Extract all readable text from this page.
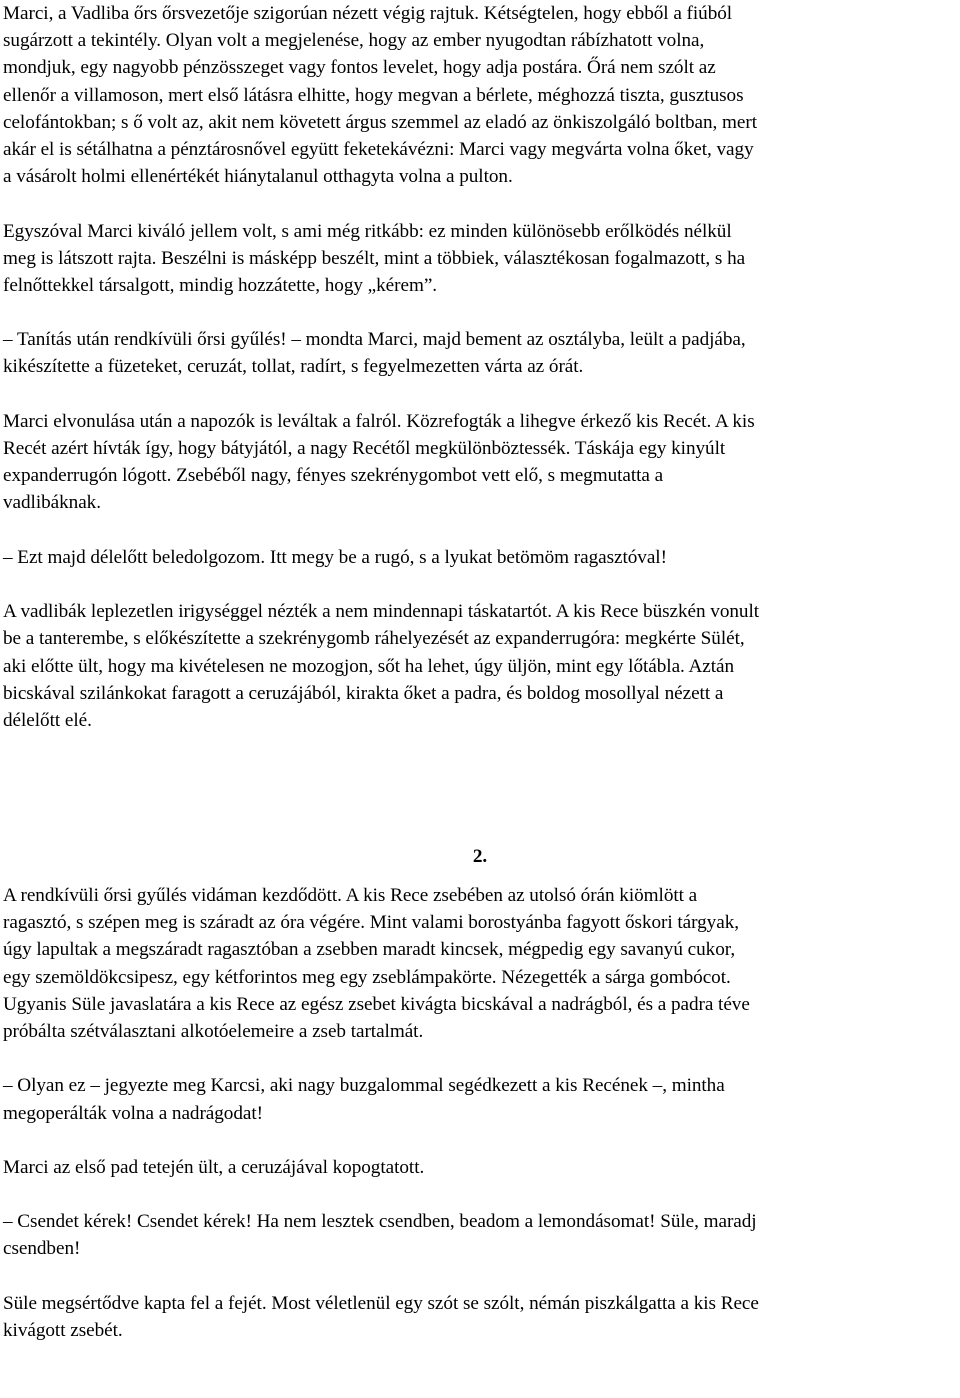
Marci, a Vadliba őrs őrsvezetője szigorúan nézett végig rajtuk. Kétségtelen, hogy ebből a fiúból
sugárzott a tekintély. Olyan volt a megjelenése, hogy az ember nyugodtan rábízhatott volna,
mondjuk, egy nagyobb pénzösszeget vagy fontos levelet, hogy adja postára. Őrá nem szólt az
ellenőr a villamoson, mert első látásra elhitte, hogy megvan a bérlete, méghozzá tiszta, gusztusos
celofántokban; s ő volt az, akit nem követett árgus szemmel az eladó az önkiszolgáló boltban, mert
akár el is sétálhatna a pénztárosnővel együtt feketekávézni: Marci vagy megvárta volna őket, vagy
a vásárolt holmi ellenértékét hiánytalanul otthagyta volna a pulton.

Egyszóval Marci kiváló jellem volt, s ami még ritkább: ez minden különösebb erőlködés nélkül
meg is látszott rajta. Beszélni is másképp beszélt, mint a többiek, választékosan fogalmazott, s ha
felnőttekkel társalgott, mindig hozzátette, hogy „kérem”.

– Tanítás után rendkívüli őrsi gyűlés! – mondta Marci, majd bement az osztályba, leült a padjába,
kikészítette a füzeteket, ceruzát, tollat, radírt, s fegyelmezetten várta az órát.

Marci elvonulása után a napozók is leváltak a falról. Közrefogták a lihegve érkező kis Recét. A kis
Recét azért hívták így, hogy bátyjától, a nagy Recétől megkülönböztessék. Táskája egy kinyúlt
expanderrugón lógott. Zsebéből nagy, fényes szekrénygombot vett elő, s megmutatta a
vadlibáknak.

– Ezt majd délelőtt beledolgozom. Itt megy be a rugó, s a lyukat betömöm ragasztóval!

A vadlibák leplezetlen irigységgel nézték a nem mindennapi táskatartót. A kis Rece büszkén vonult
be a tanterembe, s előkészítette a szekrénygomb ráhelyezését az expanderrugóra: megkérte Sülét,
aki előtte ült, hogy ma kivételesen ne mozogjon, sőt ha lehet, úgy üljön, mint egy lőtábla. Aztán
bicskával szilánkokat faragott a ceruzájából, kirakta őket a padra, és boldog mosollyal nézett a
délelőtt elé.

2.

A rendkívüli őrsi gyűlés vidáman kezdődött. A kis Rece zsebében az utolsó órán kiömlött a
ragasztó, s szépen meg is száradt az óra végére. Mint valami borostyánba fagyott őskori tárgyak,
úgy lapultak a megszáradt ragasztóban a zsebben maradt kincsek, mégpedig egy savanyú cukor,
egy szemöldökcsipesz, egy kétforintos meg egy zseblámpakörte. Nézegették a sárga gombócot.
Ugyanis Süle javaslatára a kis Rece az egész zsebet kivágta bicskával a nadrágból, és a padra téve
próbálta szétválasztani alkotóelemeire a zseb tartalmát.

– Olyan ez – jegyezte meg Karcsi, aki nagy buzgalommal segédkezett a kis Recének –, mintha
megoperálták volna a nadrágodat!

Marci az első pad tetején ült, a ceruzájával kopogtatott.

– Csendet kérek! Csendet kérek! Ha nem lesztek csendben, beadom a lemondásomat! Süle, maradj
csendben!

Süle megsértődve kapta fel a fejét. Most véletlenül egy szót se szólt, némán piszkálgatta a kis Rece
kivágott zsebét.
